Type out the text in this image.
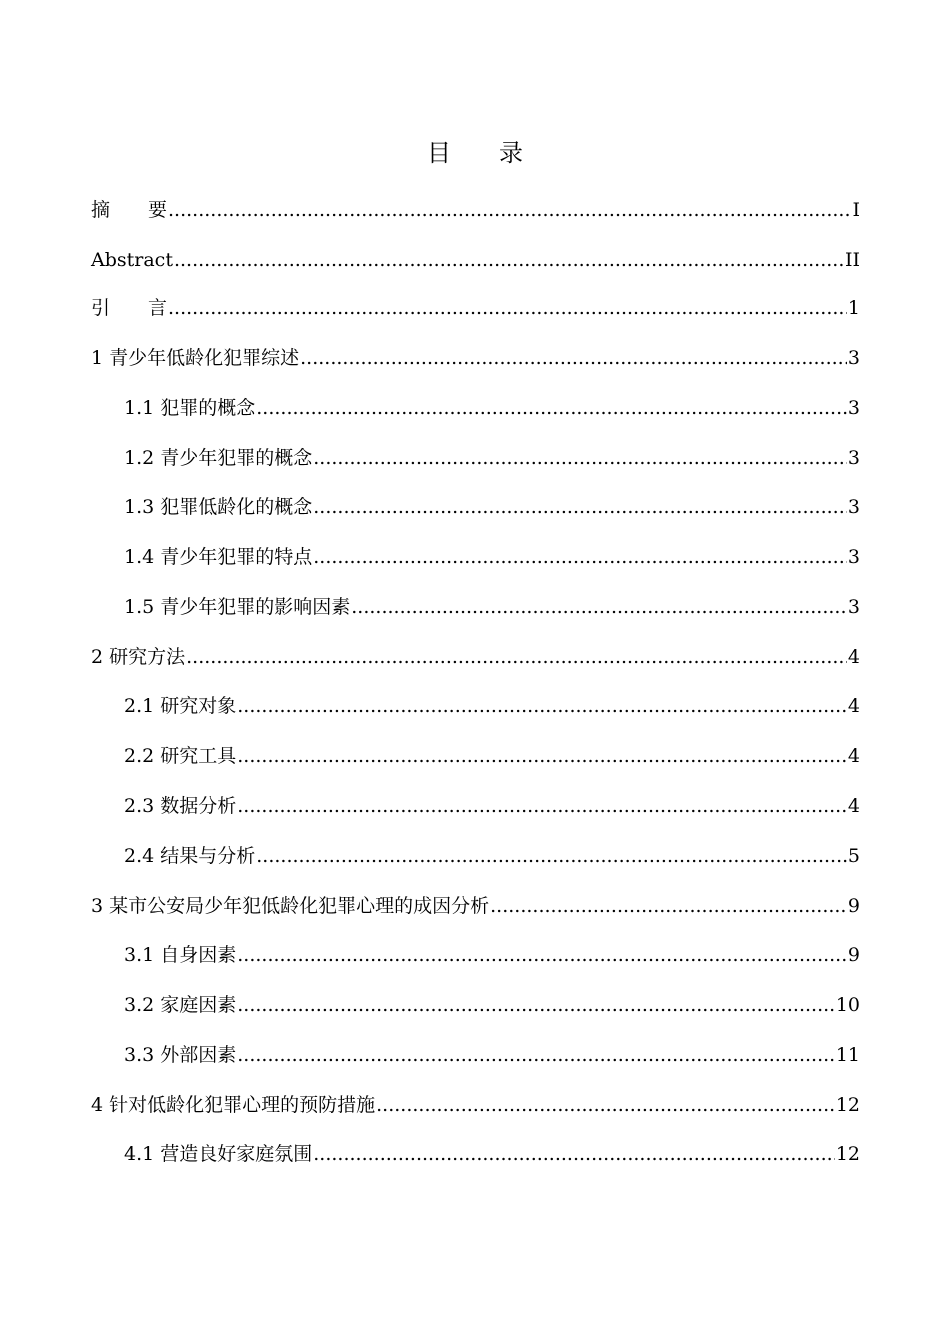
目 录
摘　　要 .....	I
Abstract .....	II
引　　言 .....	1
1 青少年低龄化犯罪综述 .....	3
1.1 犯罪的概念 .....	3
1.2 青少年犯罪的概念 .....	3
1.3 犯罪低龄化的概念 .....	3
1.4 青少年犯罪的特点 .....	3
1.5 青少年犯罪的影响因素 .....	3
2 研究方法 .....	4
2.1 研究对象 .....	4
2.2 研究工具 .....	4
2.3 数据分析 .....	4
2.4 结果与分析 .....	5
3 某市公安局少年犯低龄化犯罪心理的成因分析 .....	9
3.1 自身因素 .....	9
3.2 家庭因素 .....	10
3.3 外部因素 .....	11
4 针对低龄化犯罪心理的预防措施 .....	12
4.1 营造良好家庭氛围 .....	12
